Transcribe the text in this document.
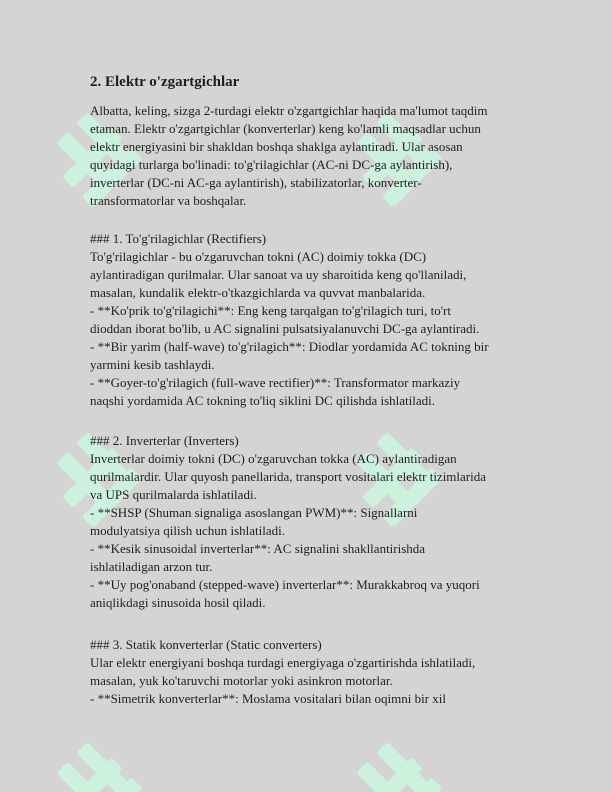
2. Elektr o'zgartgichlar
Albatta, keling, sizga 2-turdagi elektr o'zgartgichlar haqida ma'lumot taqdim
etaman. Elektr o'zgartgichlar (konverterlar) keng ko'lamli maqsadlar uchun
elektr energiyasini bir shakldan boshqa shaklga aylantiradi. Ular asosan
quyidagi turlarga bo'linadi: to'g'rilagichlar (AC-ni DC-ga aylantirish),
inverterlar (DC-ni AC-ga aylantirish), stabilizatorlar, konverter-
transformatorlar va boshqalar.
### 1. To'g'rilagichlar (Rectifiers)
To'g'rilagichlar - bu o'zgaruvchan tokni (AC) doimiy tokka (DC)
aylantiradigan qurilmalar. Ular sanoat va uy sharoitida keng qo'llaniladi,
masalan, kundalik elektr-o'tkazgichlarda va quvvat manbalarida.
- **Ko'prik to'g'rilagichi**: Eng keng tarqalgan to'g'rilagich turi, to'rt
dioddan iborat bo'lib, u AC signalini pulsatsiyalanuvchi DC-ga aylantiradi.
- **Bir yarim (half-wave) to'g'rilagich**: Diodlar yordamida AC tokning bir
yarmini kesib tashlaydi.
- **Goyer-to'g'rilagich (full-wave rectifier)**: Transformator markaziy
naqshi yordamida AC tokning to'liq siklini DC qilishda ishlatiladi.
### 2. Inverterlar (Inverters)
Inverterlar doimiy tokni (DC) o'zgaruvchan tokka (AC) aylantiradigan
qurilmalardir. Ular quyosh panellarida, transport vositalari elektr tizimlarida
va UPS qurilmalarda ishlatiladi.
- **SHSP (Shuman signaliga asoslangan PWM)**: Signallarni
modulyatsiya qilish uchun ishlatiladi.
- **Kesik sinusoidal inverterlar**: AC signalini shakllantirishda
ishlatiladigan arzon tur.
- **Uy pog'onaband (stepped-wave) inverterlar**: Murakkabroq va yuqori
aniqlikdagi sinusoida hosil qiladi.
### 3. Statik konverterlar (Static converters)
Ular elektr energiyani boshqa turdagi energiyaga o'zgartirishda ishlatiladi,
masalan, yuk ko'taruvchi motorlar yoki asinkron motorlar.
- **Simetrik konverterlar**: Moslama vositalari bilan oqimni bir xil
